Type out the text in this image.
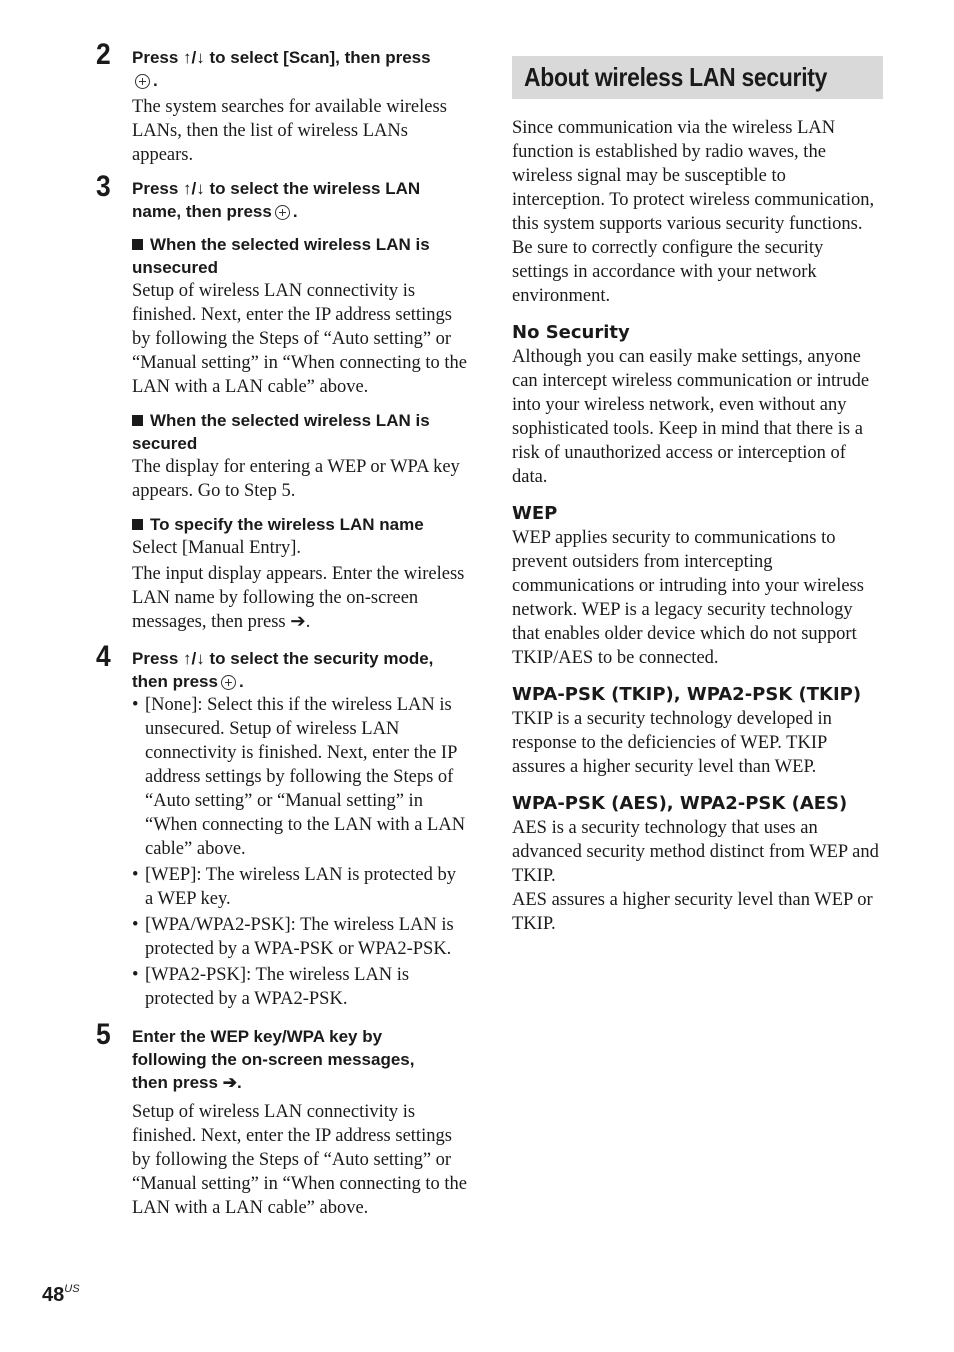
2 Press ↑/↓ to select [Scan], then press
.

The system searches for available wireless LANs, then the list of wireless LANs appears.

3 Press ↑/↓ to select the wireless LAN name, then press .

When the selected wireless LAN is unsecured

Setup of wireless LAN connectivity is finished. Next, enter the IP address settings by following the Steps of “Auto setting” or “Manual setting” in “When connecting to the LAN with a LAN cable” above.

When the selected wireless LAN is secured

The display for entering a WEP or WPA key appears. Go to Step 5.

To specify the wireless LAN name

Select [Manual Entry].

The input display appears. Enter the wireless LAN name by following the on-screen messages, then press ➔.

4 Press ↑/↓ to select the security mode, then press .

• [None]: Select this if the wireless LAN is unsecured. Setup of wireless LAN connectivity is finished. Next, enter the IP address settings by following the Steps of “Auto setting” or “Manual setting” in “When connecting to the LAN with a LAN cable” above.
• [WEP]: The wireless LAN is protected by a WEP key.
• [WPA/WPA2-PSK]: The wireless LAN is protected by a WPA-PSK or WPA2-PSK.
• [WPA2-PSK]: The wireless LAN is protected by a WPA2-PSK.
5 Enter the WEP key/WPA key by following the on-screen messages, then press ➔.

Setup of wireless LAN connectivity is finished. Next, enter the IP address settings by following the Steps of “Auto setting” or “Manual setting” in “When connecting to the LAN with a LAN cable” above.

About wireless LAN security

Since communication via the wireless LAN function is established by radio waves, the wireless signal may be susceptible to interception. To protect wireless communication, this system supports various security functions. Be sure to correctly configure the security settings in accordance with your network environment.

No Security

Although you can easily make settings, anyone can intercept wireless communication or intrude into your wireless network, even without any sophisticated tools. Keep in mind that there is a risk of unauthorized access or interception of data.

WEP

WEP applies security to communications to prevent outsiders from intercepting communications or intruding into your wireless network. WEP is a legacy security technology that enables older device which do not support TKIP/AES to be connected.

WPA-PSK (TKIP), WPA2-PSK (TKIP)

TKIP is a security technology developed in response to the deficiencies of WEP. TKIP assures a higher security level than WEP.

WPA-PSK (AES), WPA2-PSK (AES)

AES is a security technology that uses an advanced security method distinct from WEP and TKIP.

AES assures a higher security level than WEP or TKIP.

$48^{US}$
